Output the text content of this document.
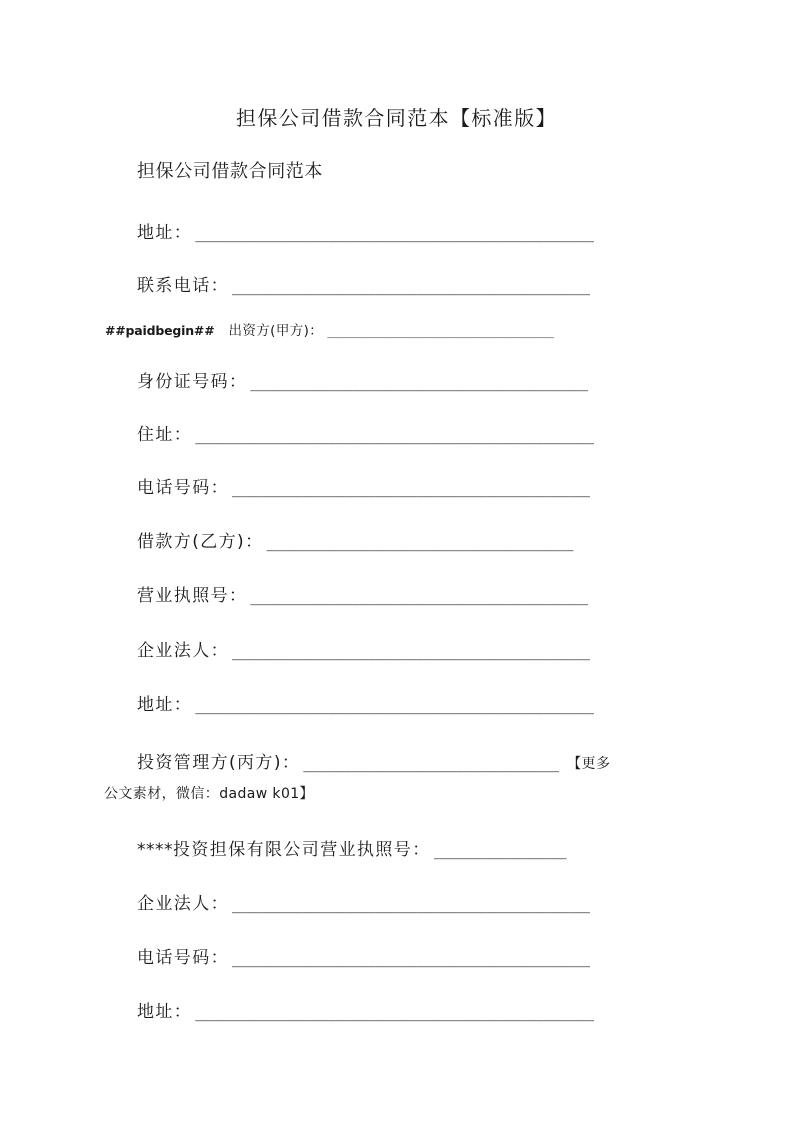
担保公司借款合同范本【标准版】
担保公司借款合同范本
地址： _______________________________________
联系电话： ___________________________________
##paidbegin## 出资方(甲方)： _____________________________
身份证号码： _________________________________
住址： _______________________________________
电话号码： ___________________________________
借款方(乙方)： ______________________________
营业执照号： _________________________________
企业法人： ___________________________________
地址： _______________________________________
投资管理方(丙方)： _________________________ 【更多
公文素材，微信：dadaw k01】
**** 投资担保有限公司营业执照号： _____________
企业法人： ___________________________________
电话号码： ___________________________________
地址： _______________________________________
